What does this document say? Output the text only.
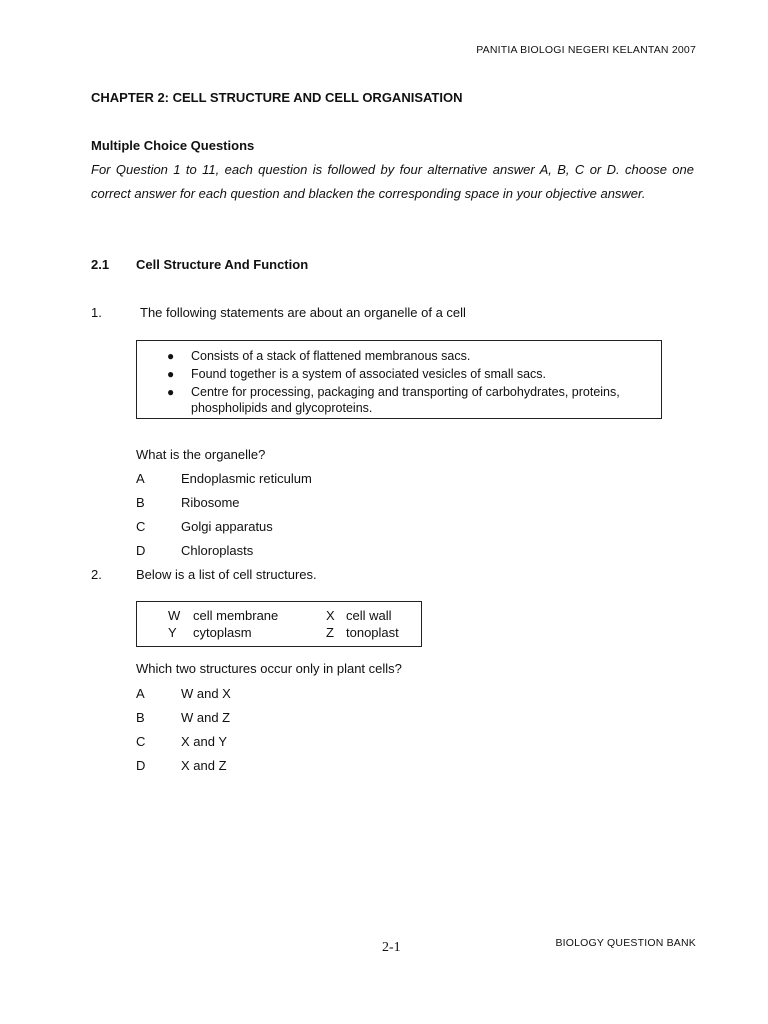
PANITIA BIOLOGI NEGERI KELANTAN 2007
CHAPTER 2: CELL STRUCTURE AND CELL ORGANISATION
Multiple Choice Questions
For Question 1 to 11, each question is followed by four alternative answer A, B, C or D. choose one correct answer for each question and blacken the corresponding space in your objective answer.
2.1 Cell Structure And Function
1.	The following statements are about an organelle of a cell
● Consists of a stack of flattened membranous sacs.
● Found together is a system of associated vesicles of small sacs.
● Centre for processing, packaging and transporting of carbohydrates, proteins, phospholipids and glycoproteins.
What is the organelle?
A	Endoplasmic reticulum
B	Ribosome
C	Golgi apparatus
D	Chloroplasts
2.	Below is a list of cell structures.
W cell membrane	X cell wall
Y cytoplasm	Z tonoplast
Which two structures occur only in plant cells?
A	W and X
B	W and Z
C	X and Y
D	X and Z
2-1	BIOLOGY QUESTION BANK
